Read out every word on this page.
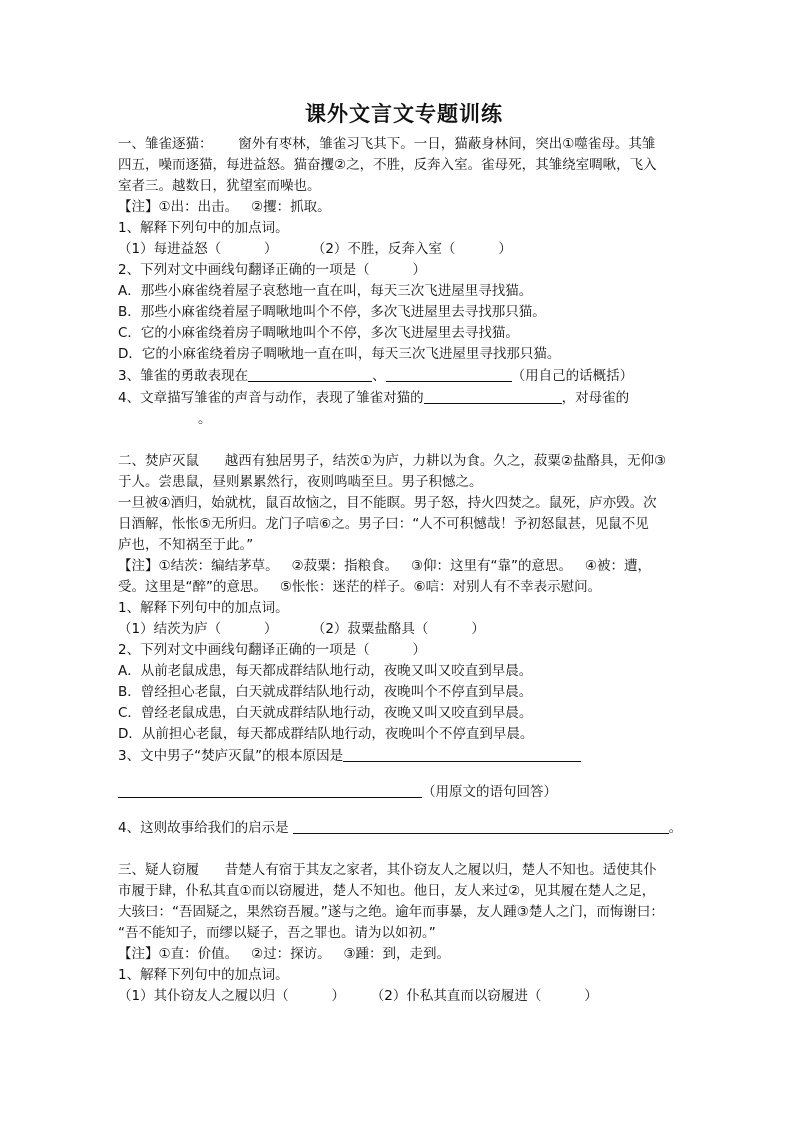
课外文言文专题训练

一、雏雀逐猫：      窗外有枣林，雏雀习飞其下。一日，猫蔽身林间，突出①噬雀母。其雏

四五，噪而逐猫，每进益怒。猫奋攫②之，不胜，反奔入室。雀母死，其雏绕室啁啾，飞入

室者三。越数日，犹望室而噪也。

【注】①出：出击。   ②攫：抓取。

1、解释下列句中的加点词。

（1）每进益怒（          ）        （2）不胜，反奔入室（          ）

2、下列对文中画线句翻译正确的一项是（          ）

A．那些小麻雀绕着屋子哀愁地一直在叫，每天三次飞进屋里寻找猫。

B．那些小麻雀绕着屋子啁啾地叫个不停，多次飞进屋里去寻找那只猫。

C．它的小麻雀绕着房子啁啾地叫个不停，多次飞进屋里去寻找猫。

D．它的小麻雀绕着房子啁啾地一直在叫，每天三次飞进屋里寻找那只猫。

3、雏雀的勇敢表现在	、	（用自己的话概括）

4、文章描写雏雀的声音与动作，表现了雏雀对猫的	，对母雀的

。

二、焚庐灭鼠      越西有独居男子，结茨①为庐，力耕以为食。久之，菽粟②盐酪具，无仰③

于人。尝患鼠，昼则累累然行，夜则鸣啮至旦。男子积憾之。

一旦被④酒归，始就枕，鼠百故恼之，目不能瞑。男子怒，持火四焚之。鼠死，庐亦毁。次

日酒解，怅怅⑤无所归。龙门子唁⑥之。男子曰：“人不可积憾哉！予初怒鼠甚，见鼠不见

庐也，不知祸至于此。”

【注】①结茨：编结茅草。   ②菽粟：指粮食。   ③仰：这里有“靠”的意思。   ④被：遭，

受。这里是“醉”的意思。   ⑤怅怅：迷茫的样子。⑥唁：对别人有不幸表示慰问。

1、解释下列句中的加点词。

（1）结茨为庐（          ）        （2）菽粟盐酪具（          ）

2、下列对文中画线句翻译正确的一项是（          ）

A．从前老鼠成患，每天都成群结队地行动，夜晚又叫又咬直到早晨。

B．曾经担心老鼠，白天就成群结队地行动，夜晚叫个不停直到早晨。

C．曾经老鼠成患，白天就成群结队地行动，夜晚又叫又咬直到早晨。

D．从前担心老鼠，每天都成群结队地行动，夜晚叫个不停直到早晨。

3、文中男子“焚庐灭鼠”的根本原因是

（用原文的语句回答）

4、这则故事给我们的启示是	。

三、疑人窃履      昔楚人有宿于其友之家者，其仆窃友人之履以归，楚人不知也。适使其仆

市履于肆，仆私其直①而以窃履进，楚人不知也。他日，友人来过②，见其履在楚人之足，

大骇曰：“吾固疑之，果然窃吾履。”遂与之绝。逾年而事暴，友人踵③楚人之门，而悔谢曰：

“吾不能知子，而缪以疑子，吾之罪也。请为以如初。”

【注】①直：价值。   ②过：探访。   ③踵：到，走到。

1、解释下列句中的加点词。

（1）其仆窃友人之履以归（          ）      （2）仆私其直而以窃履进（          ）
